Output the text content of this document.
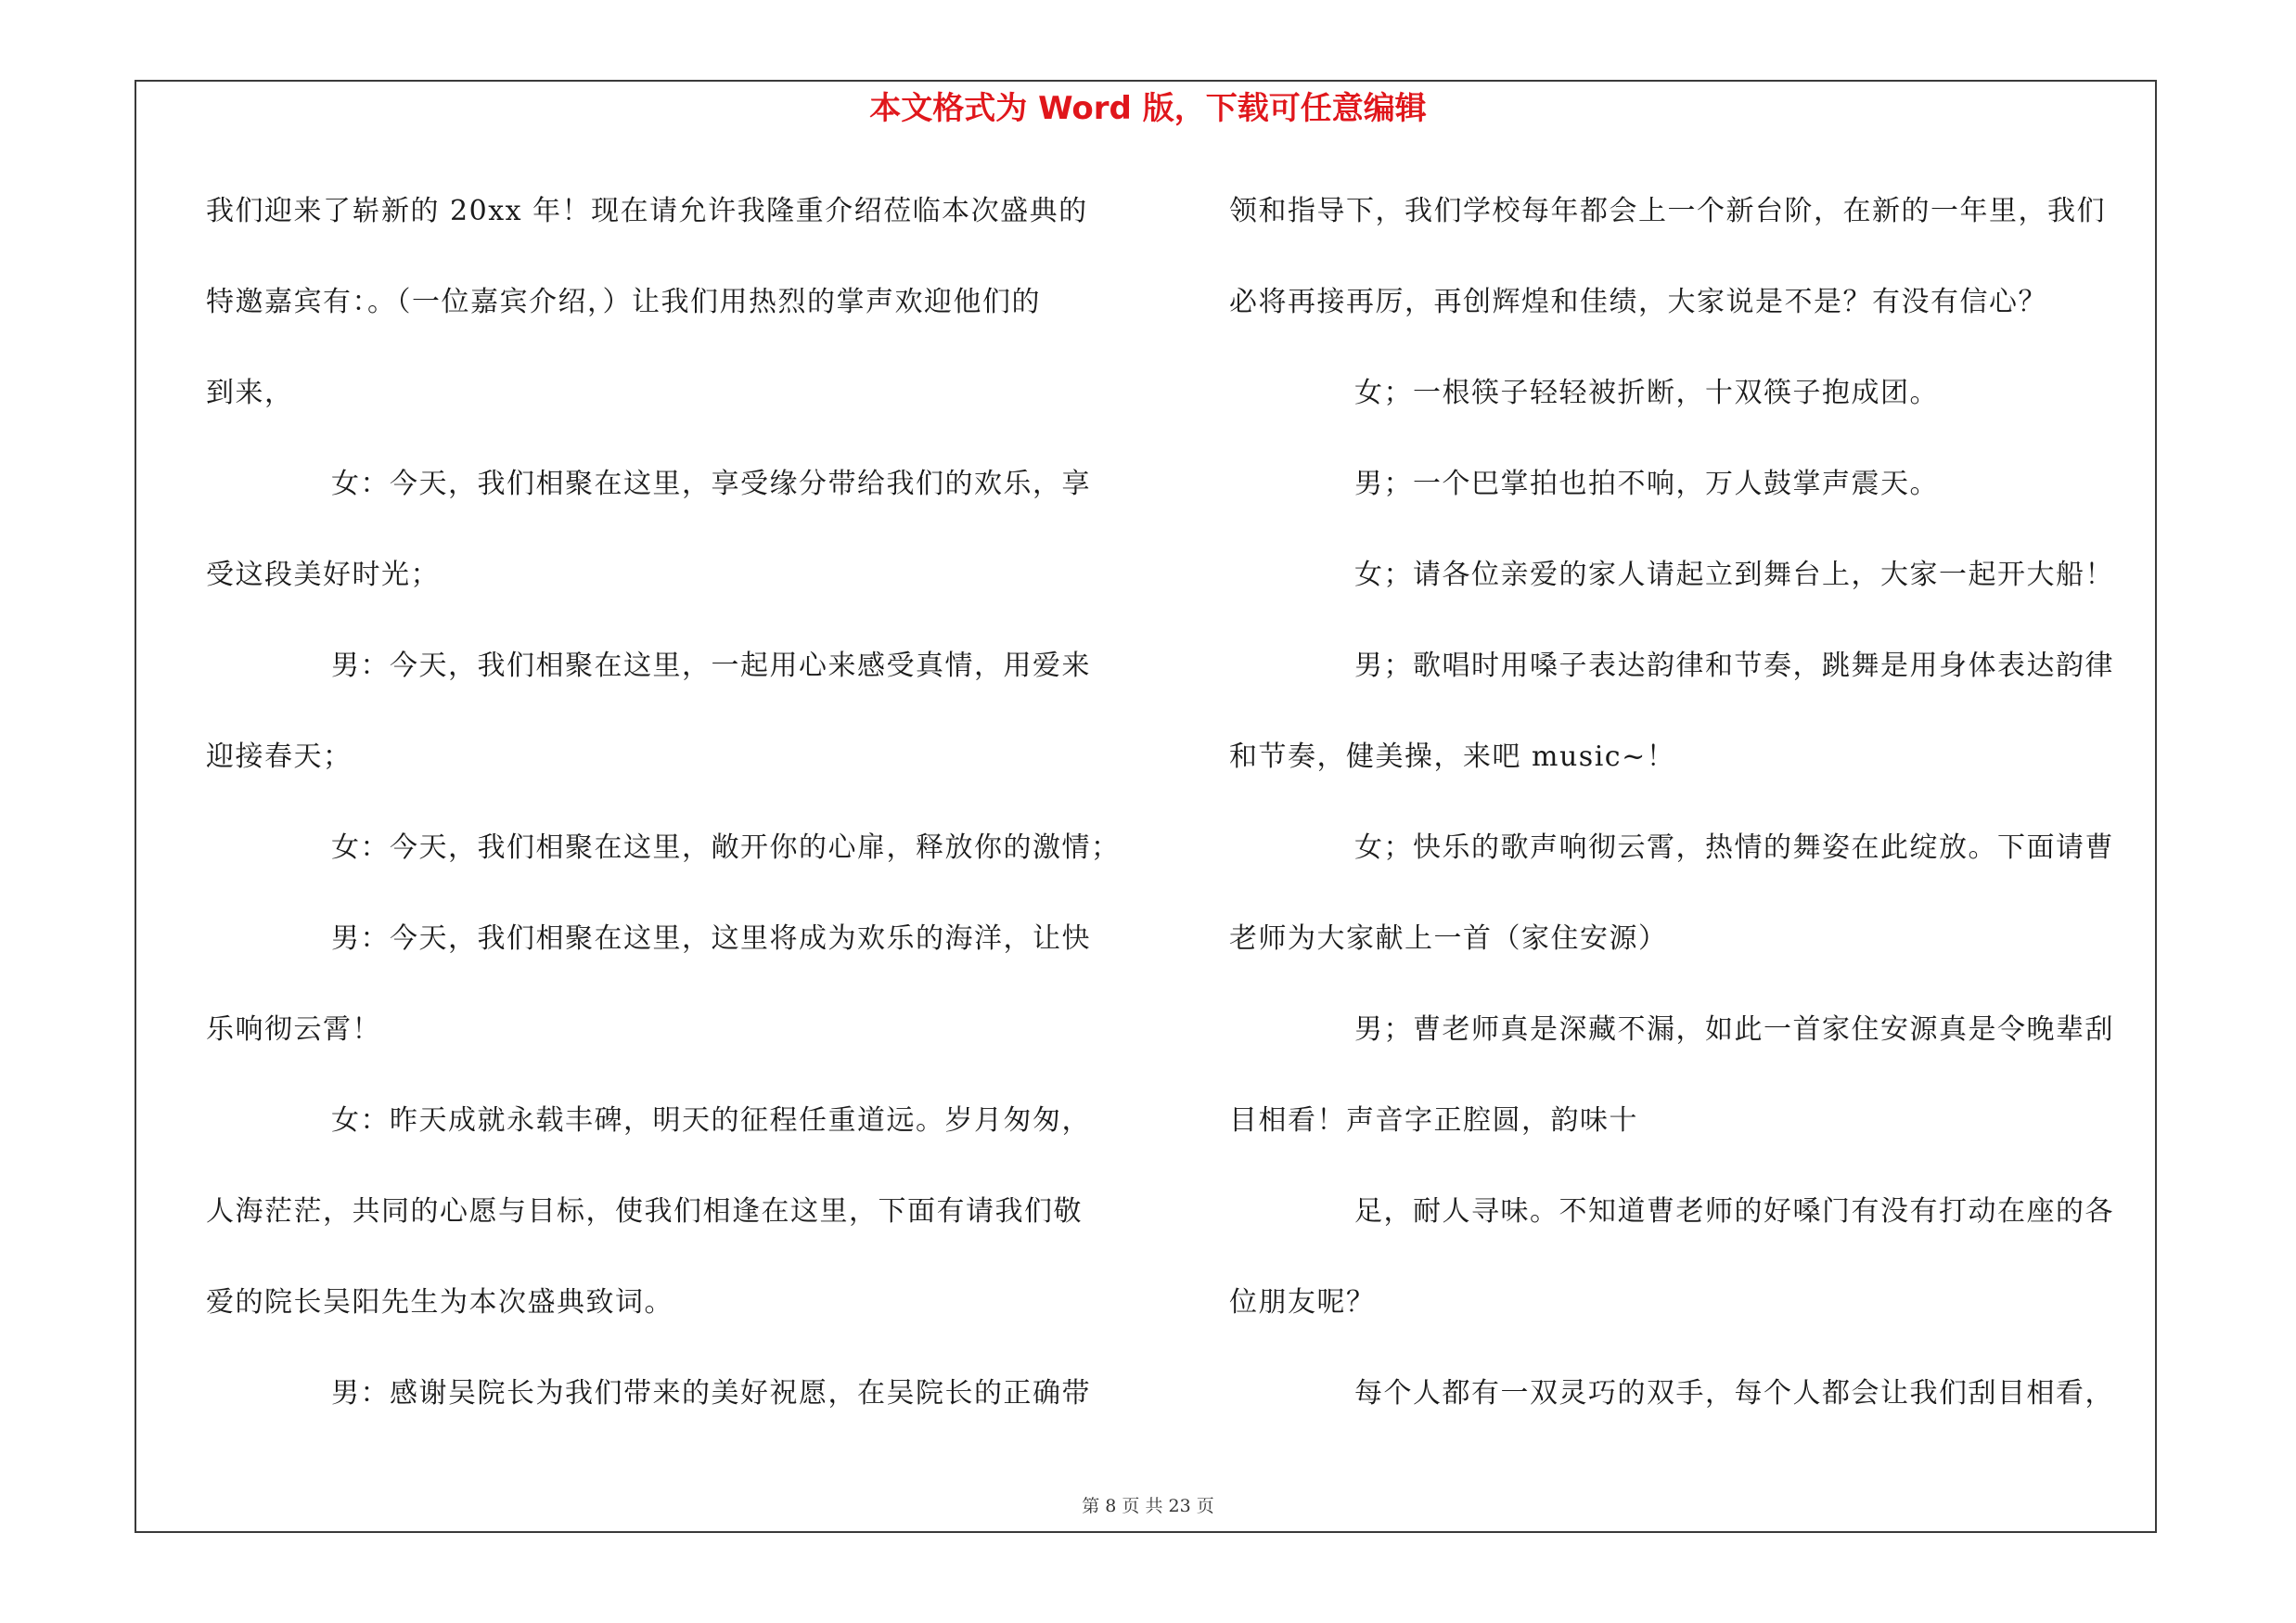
本文格式为 Word 版，下载可任意编辑
我们迎来了崭新的 20xx 年！现在请允许我隆重介绍莅临本次盛典的
特邀嘉宾有：。（一位嘉宾介绍，）让我们用热烈的掌声欢迎他们的
到来，
女：今天，我们相聚在这里，享受缘分带给我们的欢乐，享
受这段美好时光；
男：今天，我们相聚在这里，一起用心来感受真情，用爱来
迎接春天；
女：今天，我们相聚在这里，敞开你的心扉，释放你的激情；
男：今天，我们相聚在这里，这里将成为欢乐的海洋，让快
乐响彻云霄！
女：昨天成就永载丰碑，明天的征程任重道远。岁月匆匆，
人海茫茫，共同的心愿与目标，使我们相逢在这里，下面有请我们敬
爱的院长吴阳先生为本次盛典致词。
男：感谢吴院长为我们带来的美好祝愿，在吴院长的正确带
领和指导下，我们学校每年都会上一个新台阶，在新的一年里，我们
必将再接再厉，再创辉煌和佳绩，大家说是不是？有没有信心？
女；一根筷子轻轻被折断，十双筷子抱成团。
男；一个巴掌拍也拍不响，万人鼓掌声震天。
女；请各位亲爱的家人请起立到舞台上，大家一起开大船！
男；歌唱时用嗓子表达韵律和节奏，跳舞是用身体表达韵律
和节奏，健美操，来吧 music~！
女；快乐的歌声响彻云霄，热情的舞姿在此绽放。下面请曹
老师为大家献上一首（家住安源）
男；曹老师真是深藏不漏，如此一首家住安源真是令晚辈刮
目相看！声音字正腔圆，韵味十
足，耐人寻味。不知道曹老师的好嗓门有没有打动在座的各
位朋友呢？
每个人都有一双灵巧的双手，每个人都会让我们刮目相看，
第 8 页 共 23 页
